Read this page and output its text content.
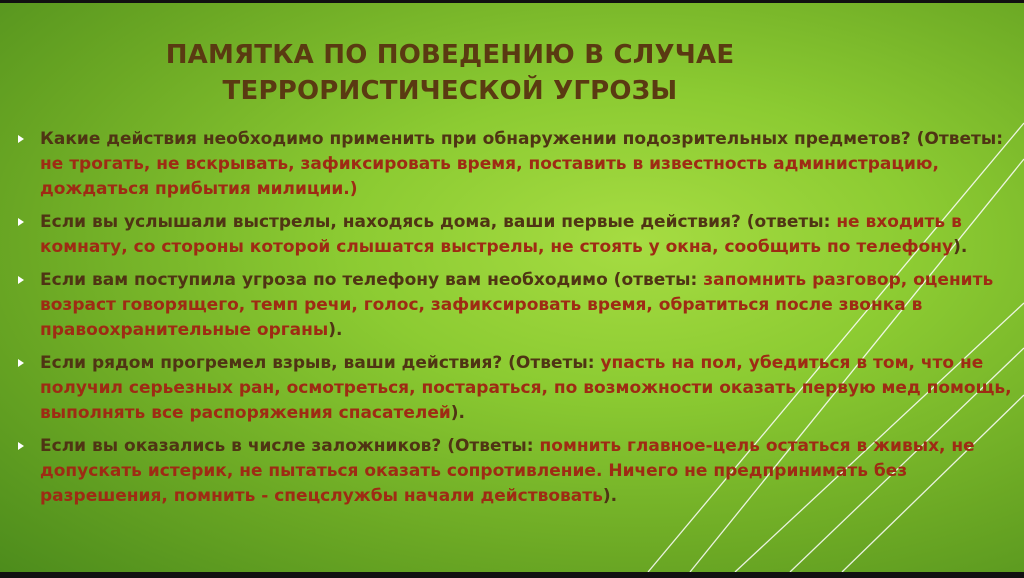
ПАМЯТКА ПО ПОВЕДЕНИЮ В СЛУЧАЕ
ТЕРРОРИСТИЧЕСКОЙ УГРОЗЫ
Какие действия необходимо применить при обнаружении подозрительных предметов? (Ответы: не трогать, не вскрывать, зафиксировать время, поставить в известность администрацию, дождаться прибытия милиции.)
Если вы услышали выстрелы, находясь дома, ваши первые действия? (ответы: не входить в комнату, со стороны которой слышатся выстрелы, не стоять у окна, сообщить по телефону).
Если вам поступила угроза по телефону вам необходимо (ответы: запомнить разговор, оценить возраст говорящего, темп речи, голос, зафиксировать время, обратиться после звонка в правоохранительные органы).
Если рядом прогремел взрыв, ваши действия? (Ответы: упасть на пол, убедиться в том, что не получил серьезных ран, осмотреться, постараться, по возможности оказать первую мед помощь, выполнять все распоряжения спасателей).
Если вы оказались в числе заложников? (Ответы: помнить главное-цель остаться в живых, не допускать истерик, не пытаться оказать сопротивление. Ничего не предпринимать без разрешения, помнить - спецслужбы начали действовать).
